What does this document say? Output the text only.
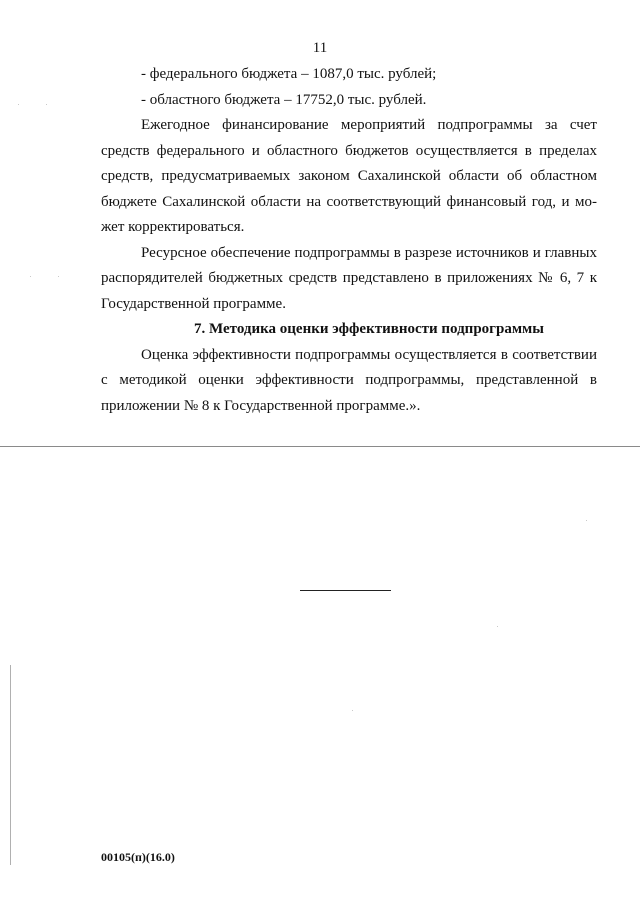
11
- федерального бюджета – 1087,0 тыс. рублей;
- областного бюджета – 17752,0 тыс. рублей.
Ежегодное финансирование мероприятий подпрограммы за счет
средств федерального и областного бюджетов осуществляется в пределах
средств, предусматриваемых законом Сахалинской области об областном
бюджете Сахалинской области на соответствующий финансовый год, и мо-
жет корректироваться.
Ресурсное обеспечение подпрограммы в разрезе источников и главных
распорядителей бюджетных средств представлено в приложениях № 6, 7 к
Государственной программе.
7. Методика оценки эффективности подпрограммы
Оценка эффективности подпрограммы осуществляется в соответствии
с методикой оценки эффективности подпрограммы, представленной в
приложении № 8 к Государственной программе.».
00105(п)(16.0)
